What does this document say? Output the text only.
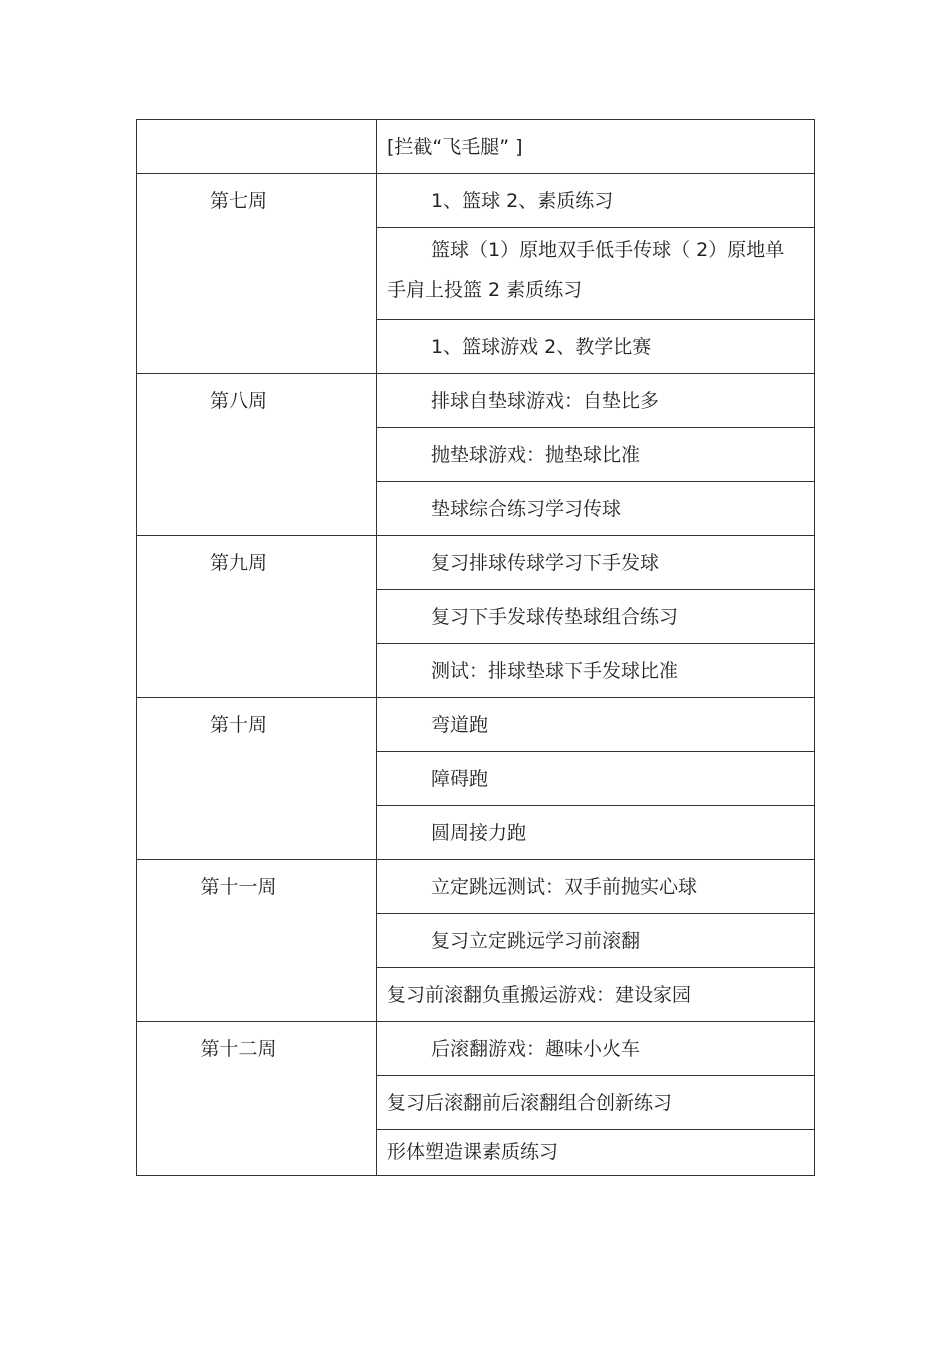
	[拦截“飞毛腿” ]

第七周	1、篮球 2、素质练习
	篮球（1）原地双手低手传球（ 2）原地单手肩上投篮 2 素质练习
	1、篮球游戏 2、教学比赛

第八周	排球自垫球游戏：自垫比多
	抛垫球游戏：抛垫球比准
	垫球综合练习学习传球

第九周	复习排球传球学习下手发球
	复习下手发球传垫球组合练习
	测试：排球垫球下手发球比准

第十周	弯道跑
	障碍跑
	圆周接力跑

第十一周	立定跳远测试：双手前抛实心球
	复习立定跳远学习前滚翻
	复习前滚翻负重搬运游戏：建设家园

第十二周	后滚翻游戏：趣味小火车
	复习后滚翻前后滚翻组合创新练习
	形体塑造课素质练习
